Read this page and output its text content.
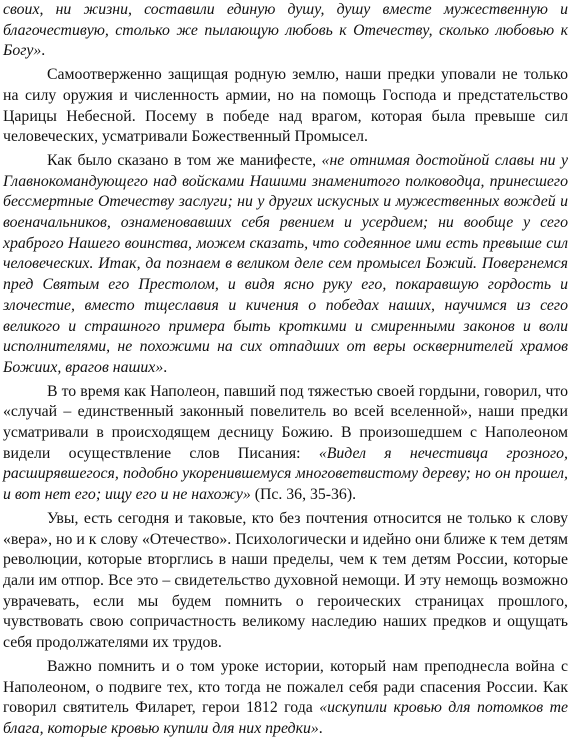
своих, ни жизни, составили единую душу, душу вместе мужественную и благочестивую, столько же пылающую любовь к Отечеству, сколько любовью к Богу».

Самоотверженно защищая родную землю, наши предки уповали не только на силу оружия и численность армии, но на помощь Господа и предстательство Царицы Небесной. Посему в победе над врагом, которая была превыше сил человеческих, усматривали Божественный Промысел.

Как было сказано в том же манифесте, «не отнимая достойной славы ни у Главнокомандующего над войсками Нашими знаменитого полководца, принесшего бессмертные Отечеству заслуги; ни у других искусных и мужественных вождей и военачальников, ознаменовавших себя рвением и усердием; ни вообще у сего храброго Нашего воинства, можем сказать, что содеянное ими есть превыше сил человеческих. Итак, да познаем в великом деле сем промысел Божий. Повергнемся пред Святым его Престолом, и видя ясно руку его, покаравшую гордость и злочестие, вместо тщеславия и кичения о победах наших, научимся из сего великого и страшного примера быть кроткими и смиренными законов и воли исполнителями, не похожими на сих отпадших от веры осквернителей храмов Божиих, врагов наших».

В то время как Наполеон, павший под тяжестью своей гордыни, говорил, что «случай – единственный законный повелитель во всей вселенной», наши предки усматривали в происходящем десницу Божию. В произошедшем с Наполеоном видели осуществление слов Писания: «Видел я нечестивца грозного, расширявшегося, подобно укоренившемуся многоветвистому дереву; но он прошел, и вот нет его; ищу его и не нахожу» (Пс. 36, 35-36).

Увы, есть сегодня и таковые, кто без почтения относится не только к слову «вера», но и к слову «Отечество». Психологически и идейно они ближе к тем детям революции, которые вторглись в наши пределы, чем к тем детям России, которые дали им отпор. Все это – свидетельство духовной немощи. И эту немощь возможно уврачевать, если мы будем помнить о героических страницах прошлого, чувствовать свою сопричастность великому наследию наших предков и ощущать себя продолжателями их трудов.

Важно помнить и о том уроке истории, который нам преподнесла война с Наполеоном, о подвиге тех, кто тогда не пожалел себя ради спасения России. Как говорил святитель Филарет, герои 1812 года «искупили кровью для потомков те блага, которые кровью купили для них предки».
